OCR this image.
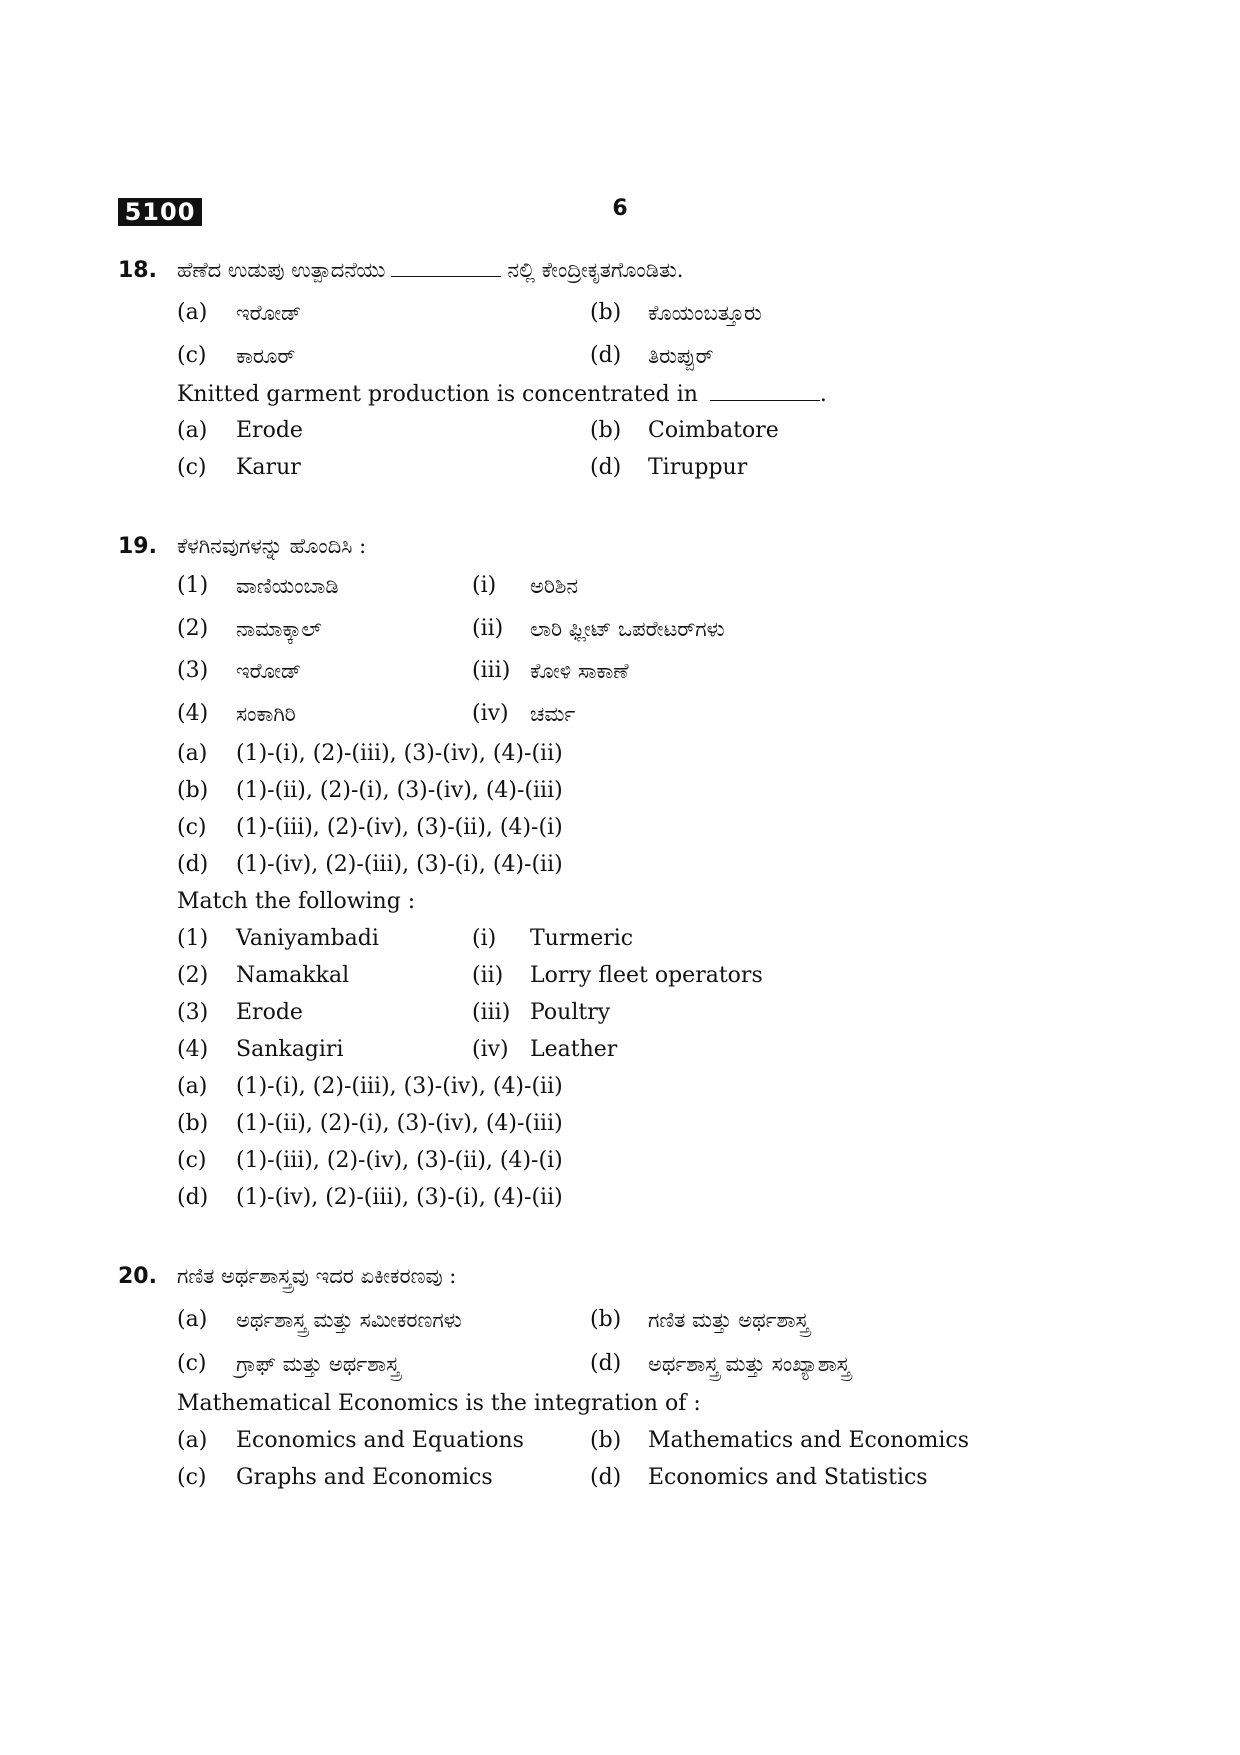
5100	6
18. ಹೆಣೆದ ಉಡುಪು ಉತ್ಪಾದನೆಯು	ನಲ್ಲಿ ಕೇಂದ್ರೀಕೃತಗೊಂಡಿತು.
(a) ಇರೋಡ್	(b) ಕೊಯಂಬತ್ತೂರು
(c) ಕಾರೂರ್	(d) ತಿರುಪ್ಪುರ್
Knitted garment production is concentrated in	.
(a) Erode	(b) Coimbatore
(c) Karur	(d) Tiruppur
19. ಕೆಳಗಿನವುಗಳನ್ನು ಹೊಂದಿಸಿ :
(1) ವಾಣಿಯಂಬಾಡಿ	(i) ಅರಿಶಿನ
(2) ನಾಮಾಕ್ಕಾಲ್	(ii) ಲಾರಿ ಫ್ಲೀಟ್ ಒಪರೇಟರ್‌ಗಳು
(3) ಇರೋಡ್	(iii) ಕೋಳಿ ಸಾಕಾಣೆ
(4) ಸಂಕಾಗಿರಿ	(iv) ಚರ್ಮ
(a) (1)-(i), (2)-(iii), (3)-(iv), (4)-(ii)
(b) (1)-(ii), (2)-(i), (3)-(iv), (4)-(iii)
(c) (1)-(iii), (2)-(iv), (3)-(ii), (4)-(i)
(d) (1)-(iv), (2)-(iii), (3)-(i), (4)-(ii)
Match the following :
(1) Vaniyambadi	(i) Turmeric
(2) Namakkal	(ii) Lorry fleet operators
(3) Erode	(iii) Poultry
(4) Sankagiri	(iv) Leather
(a) (1)-(i), (2)-(iii), (3)-(iv), (4)-(ii)
(b) (1)-(ii), (2)-(i), (3)-(iv), (4)-(iii)
(c) (1)-(iii), (2)-(iv), (3)-(ii), (4)-(i)
(d) (1)-(iv), (2)-(iii), (3)-(i), (4)-(ii)
20. ಗಣಿತ ಅರ್ಥಶಾಸ್ತ್ರವು ಇದರ ಏಕೀಕರಣವು :
(a) ಅರ್ಥಶಾಸ್ತ್ರ ಮತ್ತು ಸಮೀಕರಣಗಳು	(b) ಗಣಿತ ಮತ್ತು ಅರ್ಥಶಾಸ್ತ್ರ
(c) ಗ್ರಾಫ್ ಮತ್ತು ಅರ್ಥಶಾಸ್ತ್ರ	(d) ಅರ್ಥಶಾಸ್ತ್ರ ಮತ್ತು ಸಂಖ್ಯಾಶಾಸ್ತ್ರ
Mathematical Economics is the integration of :
(a) Economics and Equations	(b) Mathematics and Economics
(c) Graphs and Economics	(d) Economics and Statistics
